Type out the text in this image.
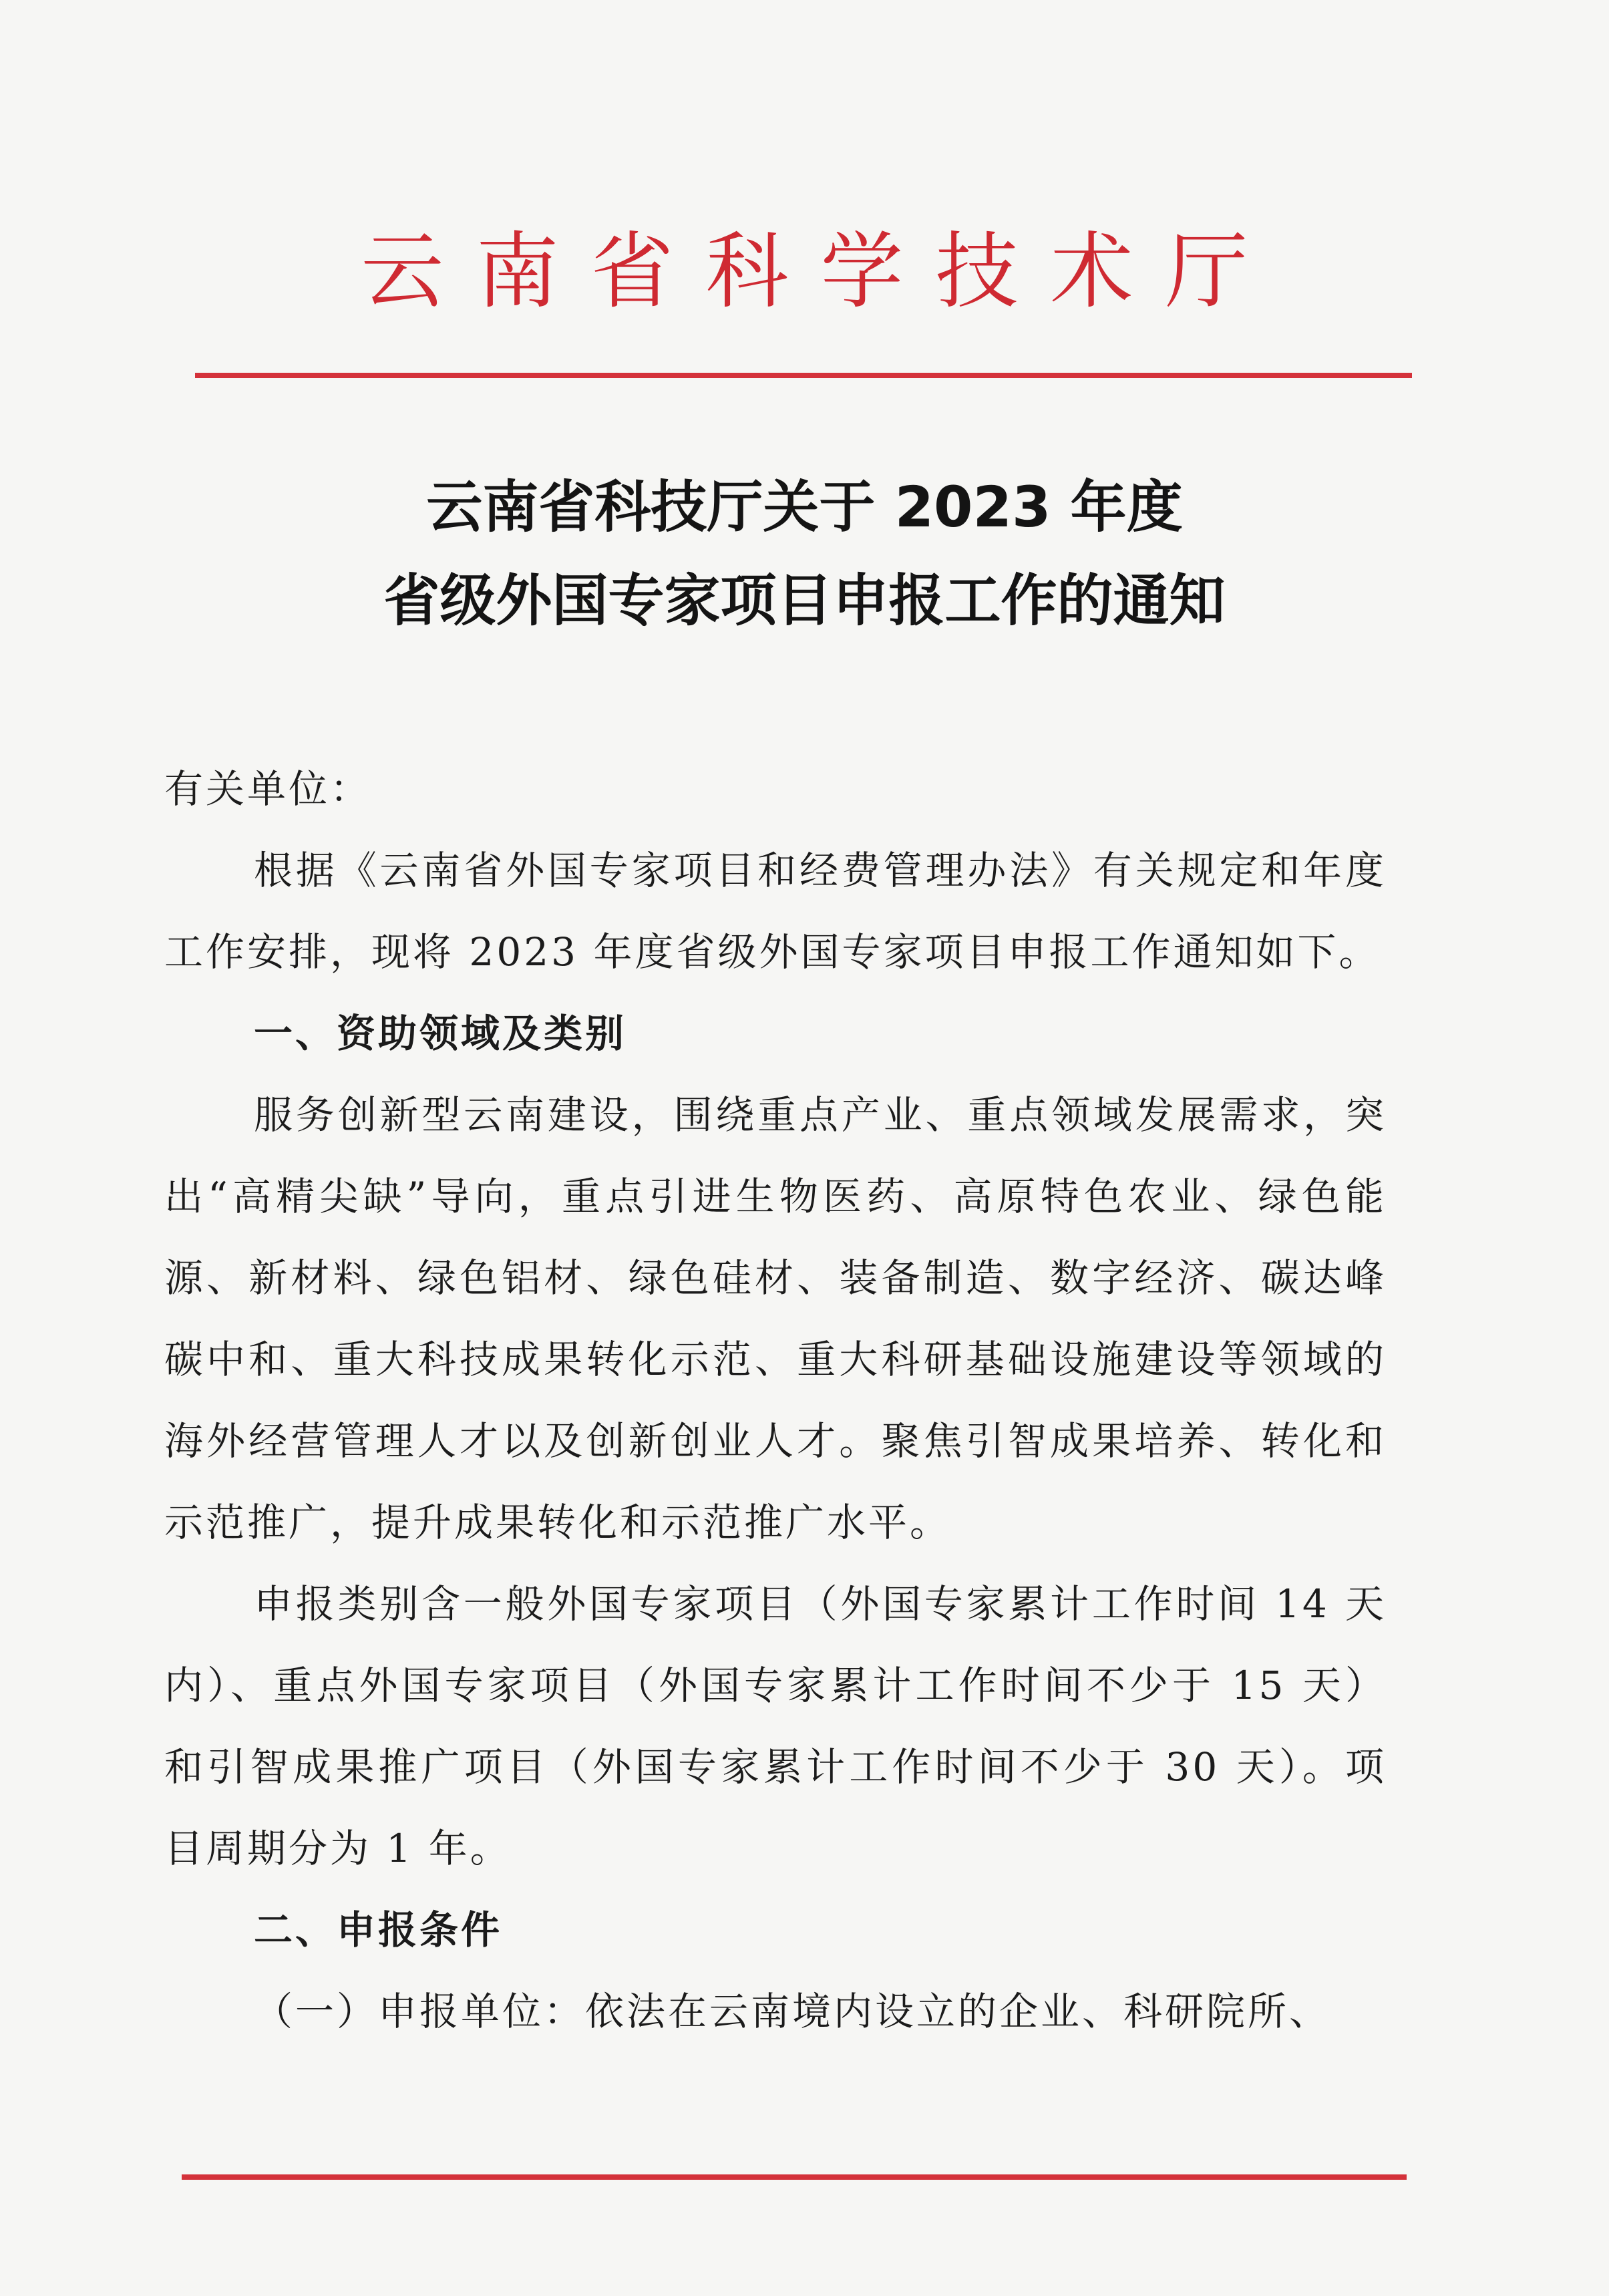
云南省科学技术厅
云南省科技厅关于 2023 年度
省级外国专家项目申报工作的通知

有关单位：

根据《云南省外国专家项目和经费管理办法》有关规定和年度工作安排，现将 2023 年度省级外国专家项目申报工作通知如下。

一、资助领域及类别

服务创新型云南建设，围绕重点产业、重点领域发展需求，突出“高精尖缺”导向，重点引进生物医药、高原特色农业、绿色能源、新材料、绿色铝材、绿色硅材、装备制造、数字经济、碳达峰碳中和、重大科技成果转化示范、重大科研基础设施建设等领域的海外经营管理人才以及创新创业人才。聚焦引智成果培养、转化和示范推广，提升成果转化和示范推广水平。

申报类别含一般外国专家项目（外国专家累计工作时间 14 天内）、重点外国专家项目（外国专家累计工作时间不少于 15 天）和引智成果推广项目（外国专家累计工作时间不少于 30 天）。项目周期分为 1 年。

二、申报条件

（一）申报单位：依法在云南境内设立的企业、科研院所、
